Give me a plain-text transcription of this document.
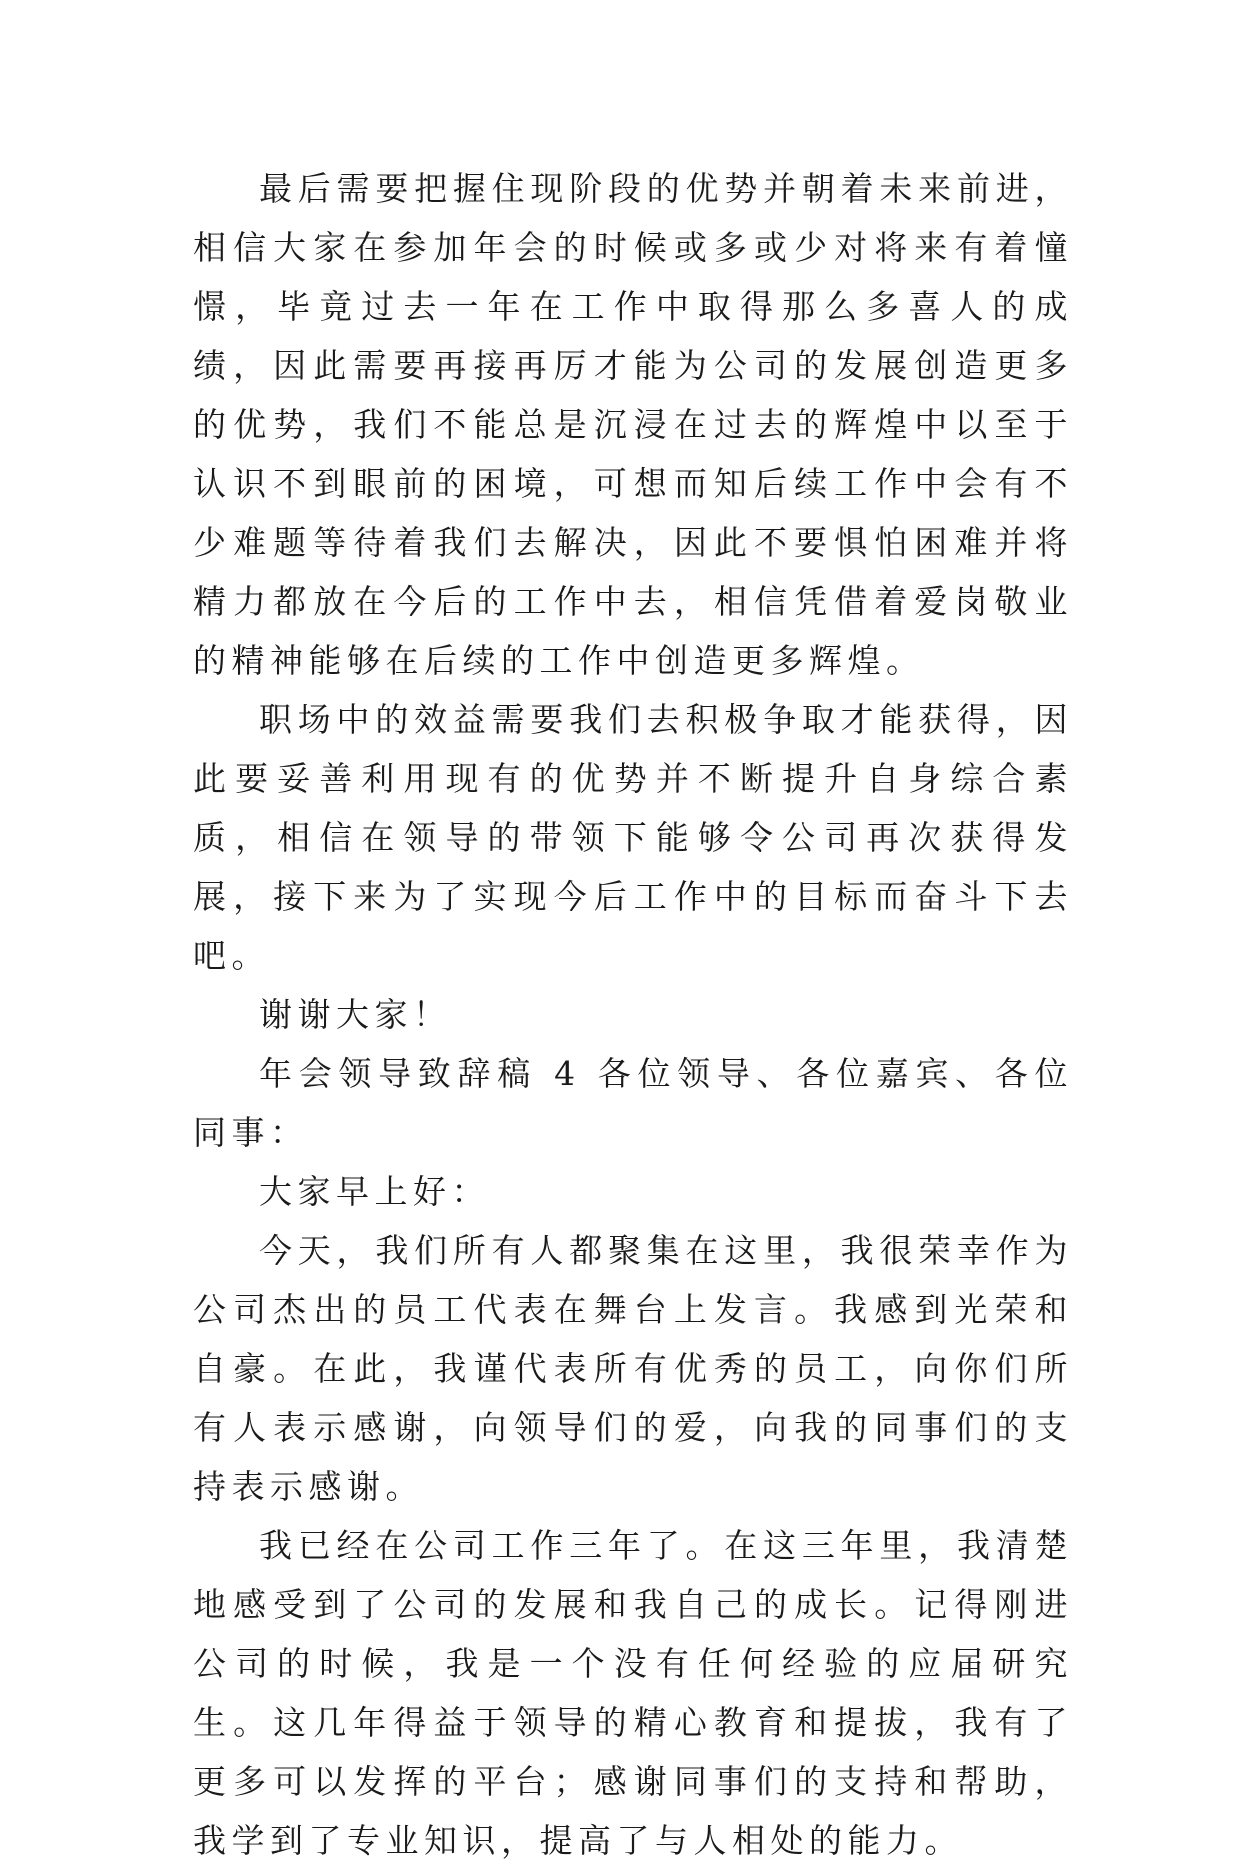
最后需要把握住现阶段的优势并朝着未来前进，相信大家在参加年会的时候或多或少对将来有着憧憬，毕竟过去一年在工作中取得那么多喜人的成绩，因此需要再接再厉才能为公司的发展创造更多的优势，我们不能总是沉浸在过去的辉煌中以至于认识不到眼前的困境，可想而知后续工作中会有不少难题等待着我们去解决，因此不要惧怕困难并将精力都放在今后的工作中去，相信凭借着爱岗敬业的精神能够在后续的工作中创造更多辉煌。

职场中的效益需要我们去积极争取才能获得，因此要妥善利用现有的优势并不断提升自身综合素质，相信在领导的带领下能够令公司再次获得发展，接下来为了实现今后工作中的目标而奋斗下去吧。

谢谢大家！

年会领导致辞稿 4 各位领导、各位嘉宾、各位同事：

大家早上好：

今天，我们所有人都聚集在这里，我很荣幸作为公司杰出的员工代表在舞台上发言。我感到光荣和自豪。在此，我谨代表所有优秀的员工，向你们所有人表示感谢，向领导们的爱，向我的同事们的支持表示感谢。

我已经在公司工作三年了。在这三年里，我清楚地感受到了公司的发展和我自己的成长。记得刚进公司的时候，我是一个没有任何经验的应届研究生。这几年得益于领导的精心教育和提拔，我有了更多可以发挥的平台；感谢同事们的支持和帮助，我学到了专业知识，提高了与人相处的能力。
